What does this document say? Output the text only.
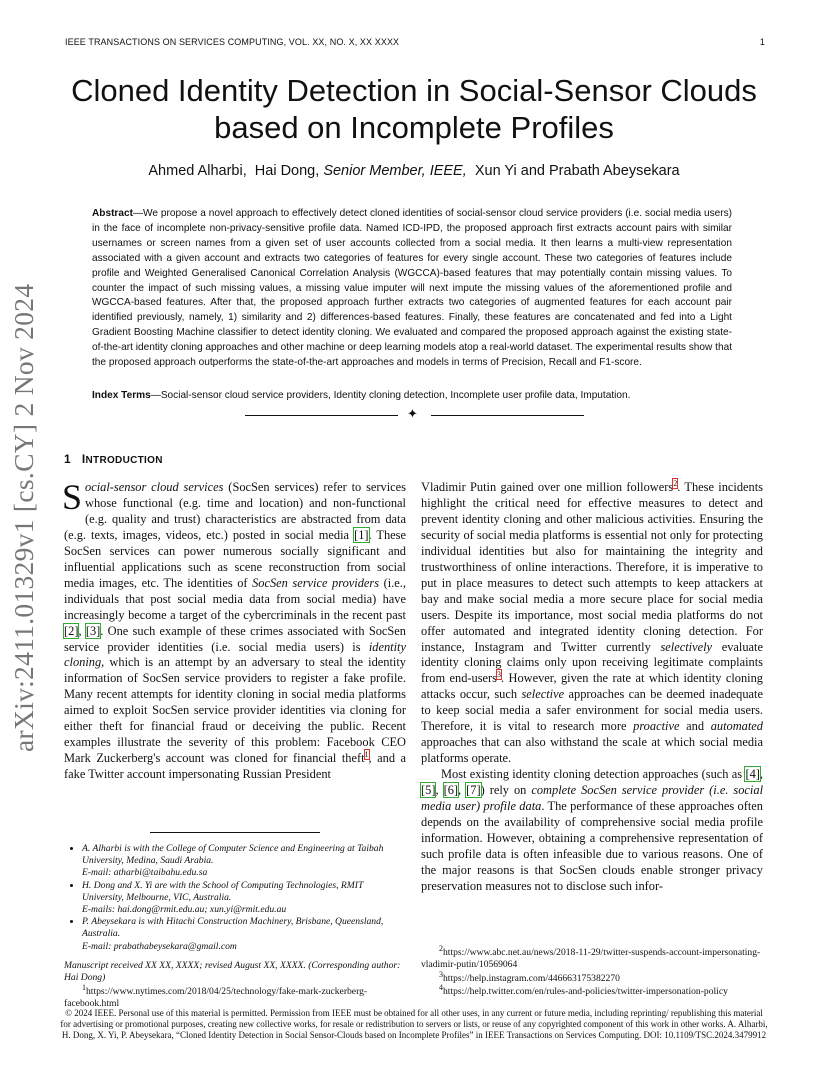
IEEE TRANSACTIONS ON SERVICES COMPUTING, VOL. XX, NO. X, XX XXXX	1
Cloned Identity Detection in Social-Sensor Clouds based on Incomplete Profiles
Ahmed Alharbi, Hai Dong, Senior Member, IEEE, Xun Yi and Prabath Abeysekara
Abstract—We propose a novel approach to effectively detect cloned identities of social-sensor cloud service providers (i.e. social media users) in the face of incomplete non-privacy-sensitive profile data. Named ICD-IPD, the proposed approach first extracts account pairs with similar usernames or screen names from a given set of user accounts collected from a social media. It then learns a multi-view representation associated with a given account and extracts two categories of features for every single account. These two categories of features include profile and Weighted Generalised Canonical Correlation Analysis (WGCCA)-based features that may potentially contain missing values. To counter the impact of such missing values, a missing value imputer will next impute the missing values of the aforementioned profile and WGCCA-based features. After that, the proposed approach further extracts two categories of augmented features for each account pair identified previously, namely, 1) similarity and 2) differences-based features. Finally, these features are concatenated and fed into a Light Gradient Boosting Machine classifier to detect identity cloning. We evaluated and compared the proposed approach against the existing state-of-the-art identity cloning approaches and other machine or deep learning models atop a real-world dataset. The experimental results show that the proposed approach outperforms the state-of-the-art approaches and models in terms of Precision, Recall and F1-score.
Index Terms—Social-sensor cloud service providers, Identity cloning detection, Incomplete user profile data, Imputation.
✦
arXiv:2411.01329v1 [cs.CY] 2 Nov 2024 1 INTRODUCTION

Social-sensor cloud services (SocSen services) refer to services whose functional (e.g. time and location) and non-functional (e.g. quality and trust) characteristics are abstracted from data (e.g. texts, images, videos, etc.) posted in social media [1]. These SocSen services can power numerous socially significant and influential applications such as scene reconstruction from social media images, etc. The identities of SocSen service providers (i.e., individuals that post social media data from social media) have increasingly become a target of the cybercriminals in the recent past [2], [3]. One such example of these crimes associated with SocSen service provider identities (i.e. social media users) is identity cloning, which is an attempt by an adversary to steal the identity information of SocSen service providers to register a fake profile. Many recent attempts for identity cloning in social media platforms aimed to exploit SocSen service provider identities via cloning for either theft for financial fraud or deceiving the public. Recent examples illustrate the severity of this problem: Facebook CEO Mark Zuckerberg's account was cloned for financial theft$^1$, and a fake Twitter account impersonating Russian President

Vladimir Putin gained over one million followers$^2$. These incidents highlight the critical need for effective measures to detect and prevent identity cloning and other malicious activities. Ensuring the security of social media platforms is essential not only for protecting individual identities but also for maintaining the integrity and trustworthiness of online interactions. Therefore, it is imperative to put in place measures to detect such attempts to keep attackers at bay and make social media a more secure place for social media users. Despite its importance, most social media platforms do not offer automated and integrated identity cloning detection. For instance, Instagram and Twitter currently selectively evaluate identity cloning claims only upon receiving legitimate complaints from end-users$^3$. However, given the rate at which identity cloning attacks occur, such selective approaches can be deemed inadequate to keep social media a safer environment for social media users. Therefore, it is vital to research more proactive and automated approaches that can also withstand the scale at which social media platforms operate.

Most existing identity cloning detection approaches (such as [4], [5], [6], [7]) rely on complete SocSen service provider (i.e. social media user) profile data. The performance of these approaches often depends on the availability of comprehensive social media profile information. However, obtaining a comprehensive representation of such profile data is often infeasible due to various reasons. One of the major reasons is that SocSen clouds enable stronger privacy preservation measures not to disclose such infor-

• A. Alharbi is with the College of Computer Science and Engineering at Taibah University, Medina, Saudi Arabia.
E-mail: atharbi@taibahu.edu.sa
• H. Dong and X. Yi are with the School of Computing Technologies, RMIT University, Melbourne, VIC, Australia.
E-mails: hai.dong@rmit.edu.au; xun.yi@rmit.edu.au
• P. Abeysekara is with Hitachi Construction Machinery, Brisbane, Queensland, Australia.
E-mail: prabathabeysekara@gmail.com
Manuscript received XX XX, XXXX; revised August XX, XXXX. (Corresponding author: Hai Dong)
$^1$https://www.nytimes.com/2018/04/25/technology/fake-mark-zuckerberg-facebook.html

$^2$https://www.abc.net.au/news/2018-11-29/twitter-suspends-account-impersonating-vladimir-putin/10569064

$^3$https://help.instagram.com/446663175382270

$^4$https://help.twitter.com/en/rules-and-policies/twitter-impersonation-policy

© 2024 IEEE. Personal use of this material is permitted. Permission from IEEE must be obtained for all other uses, in any current or future media, including reprinting/ republishing this material for advertising or promotional purposes, creating new collective works, for resale or redistribution to servers or lists, or reuse of any copyrighted component of this work in other works. A. Alharbi, H. Dong, X. Yi, P. Abeysekara, “Cloned Identity Detection in Social Sensor-Clouds based on Incomplete Profiles” in IEEE Transactions on Services Computing. DOI: 10.1109/TSC.2024.3479912
